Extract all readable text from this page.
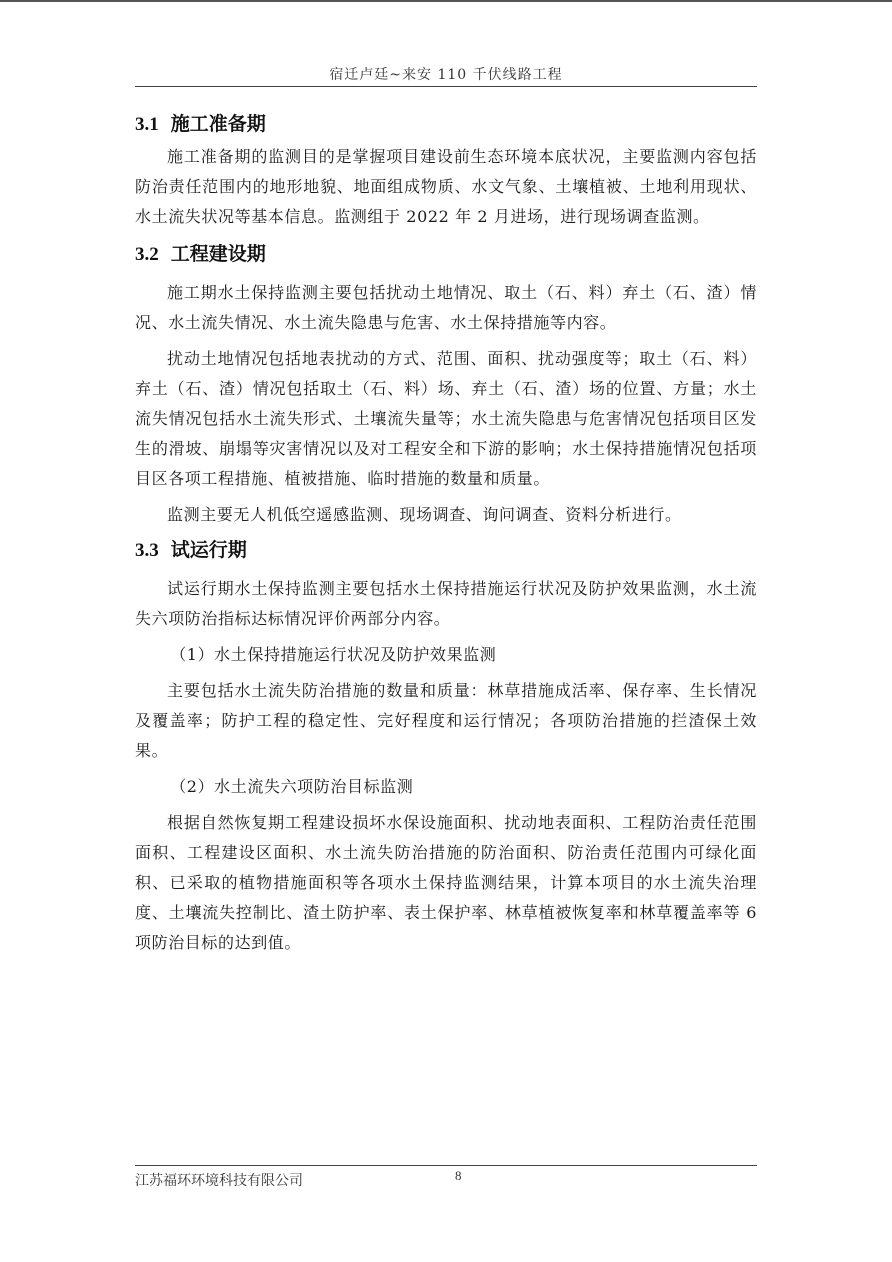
宿迁卢廷~来安 110 千伏线路工程
3.1 施工准备期

施工准备期的监测目的是掌握项目建设前生态环境本底状况，主要监测内容包括防治责任范围内的地形地貌、地面组成物质、水文气象、土壤植被、土地利用现状、水土流失状况等基本信息。监测组于 2022 年 2 月进场，进行现场调查监测。

3.2 工程建设期

施工期水土保持监测主要包括扰动土地情况、取土（石、料）弃土（石、渣）情况、水土流失情况、水土流失隐患与危害、水土保持措施等内容。

扰动土地情况包括地表扰动的方式、范围、面积、扰动强度等；取土（石、料）弃土（石、渣）情况包括取土（石、料）场、弃土（石、渣）场的位置、方量；水土流失情况包括水土流失形式、土壤流失量等；水土流失隐患与危害情况包括项目区发生的滑坡、崩塌等灾害情况以及对工程安全和下游的影响；水土保持措施情况包括项目区各项工程措施、植被措施、临时措施的数量和质量。

监测主要无人机低空遥感监测、现场调查、询问调查、资料分析进行。

3.3 试运行期

试运行期水土保持监测主要包括水土保持措施运行状况及防护效果监测，水土流失六项防治指标达标情况评价两部分内容。

（1）水土保持措施运行状况及防护效果监测

主要包括水土流失防治措施的数量和质量：林草措施成活率、保存率、生长情况及覆盖率；防护工程的稳定性、完好程度和运行情况；各项防治措施的拦渣保土效果。

（2）水土流失六项防治目标监测

根据自然恢复期工程建设损坏水保设施面积、扰动地表面积、工程防治责任范围面积、工程建设区面积、水土流失防治措施的防治面积、防治责任范围内可绿化面积、已采取的植物措施面积等各项水土保持监测结果，计算本项目的水土流失治理度、土壤流失控制比、渣土防护率、表土保护率、林草植被恢复率和林草覆盖率等 6 项防治目标的达到值。

江苏福环环境科技有限公司	8
